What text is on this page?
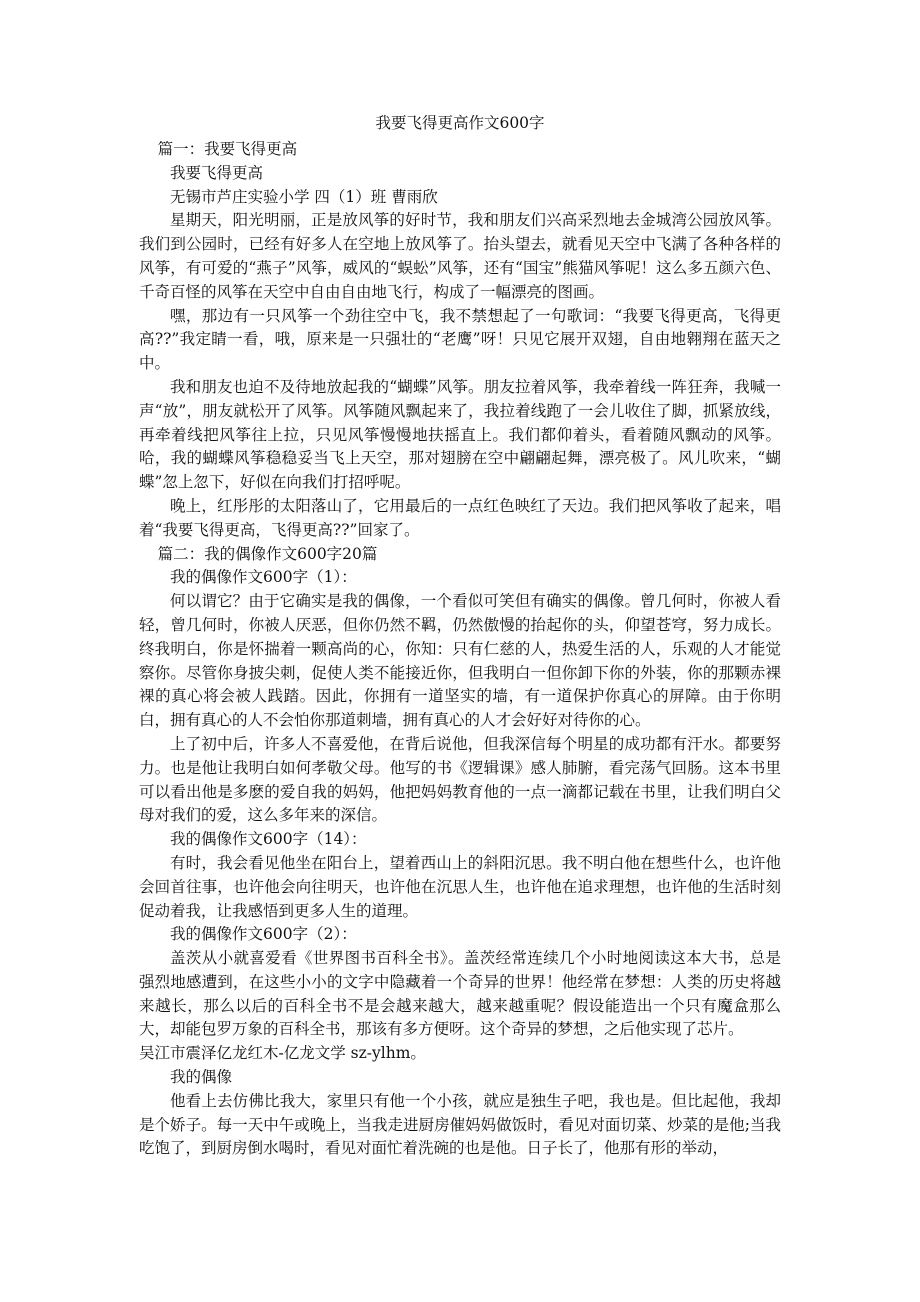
我要飞得更高作文600字

篇一：我要飞得更高

我要飞得更高

无锡市芦庄实验小学 四（1）班 曹雨欣

星期天，阳光明丽，正是放风筝的好时节，我和朋友们兴高采烈地去金城湾公园放风筝。我们到公园时，已经有好多人在空地上放风筝了。抬头望去，就看见天空中飞满了各种各样的风筝，有可爱的“燕子”风筝，威风的“蜈蚣”风筝，还有“国宝”熊猫风筝呢！这么多五颜六色、千奇百怪的风筝在天空中自由自由地飞行，构成了一幅漂亮的图画。

嘿，那边有一只风筝一个劲往空中飞，我不禁想起了一句歌词：“我要飞得更高，飞得更高??”我定睛一看，哦，原来是一只强壮的“老鹰”呀！只见它展开双翅，自由地翱翔在蓝天之中。

我和朋友也迫不及待地放起我的“蝴蝶”风筝。朋友拉着风筝，我牵着线一阵狂奔，我喊一声“放”，朋友就松开了风筝。风筝随风飘起来了，我拉着线跑了一会儿收住了脚，抓紧放线，再牵着线把风筝往上拉，只见风筝慢慢地扶摇直上。我们都仰着头，看着随风飘动的风筝。哈，我的蝴蝶风筝稳稳妥当飞上天空，那对翅膀在空中翩翩起舞，漂亮极了。风儿吹来，“蝴蝶”忽上忽下，好似在向我们打招呼呢。

晚上，红彤彤的太阳落山了，它用最后的一点红色映红了天边。我们把风筝收了起来，唱着“我要飞得更高，飞得更高??”回家了。

篇二：我的偶像作文600字20篇

我的偶像作文600字（1）：

何以谓它？由于它确实是我的偶像，一个看似可笑但有确实的偶像。曾几何时，你被人看轻，曾几何时，你被人厌恶，但你仍然不羁，仍然傲慢的抬起你的头，仰望苍穹，努力成长。终我明白，你是怀揣着一颗高尚的心，你知：只有仁慈的人，热爱生活的人，乐观的人才能觉察你。尽管你身披尖刺，促使人类不能接近你，但我明白一但你卸下你的外装，你的那颗赤裸裸的真心将会被人践踏。因此，你拥有一道坚实的墙，有一道保护你真心的屏障。由于你明白，拥有真心的人不会怕你那道刺墙，拥有真心的人才会好好对待你的心。

上了初中后，许多人不喜爱他，在背后说他，但我深信每个明星的成功都有汗水。都要努力。也是他让我明白如何孝敬父母。他写的书《逻辑课》感人肺腑，看完荡气回肠。这本书里可以看出他是多麽的爱自我的妈妈，他把妈妈教育他的一点一滴都记载在书里，让我们明白父母对我们的爱，这么多年来的深信。

我的偶像作文600字（14）：

有时，我会看见他坐在阳台上，望着西山上的斜阳沉思。我不明白他在想些什么，也许他会回首往事，也许他会向往明天，也许他在沉思人生，也许他在追求理想，也许他的生活时刻促动着我，让我感悟到更多人生的道理。

我的偶像作文600字（2）：

盖茨从小就喜爱看《世界图书百科全书》。盖茨经常连续几个小时地阅读这本大书，总是强烈地感遭到，在这些小小的文字中隐藏着一个奇异的世界！他经常在梦想：人类的历史将越来越长，那么以后的百科全书不是会越来越大，越来越重呢？假设能造出一个只有魔盒那么大，却能包罗万象的百科全书，那该有多方便呀。这个奇异的梦想，之后他实现了芯片。

吴江市震泽亿龙红木-亿龙文学 sz-ylhm。

我的偶像

他看上去仿佛比我大，家里只有他一个小孩，就应是独生子吧，我也是。但比起他，我却是个娇子。每一天中午或晚上，当我走进厨房催妈妈做饭时，看见对面切菜、炒菜的是他;当我吃饱了，到厨房倒水喝时，看见对面忙着洗碗的也是他。日子长了，他那有形的举动，
